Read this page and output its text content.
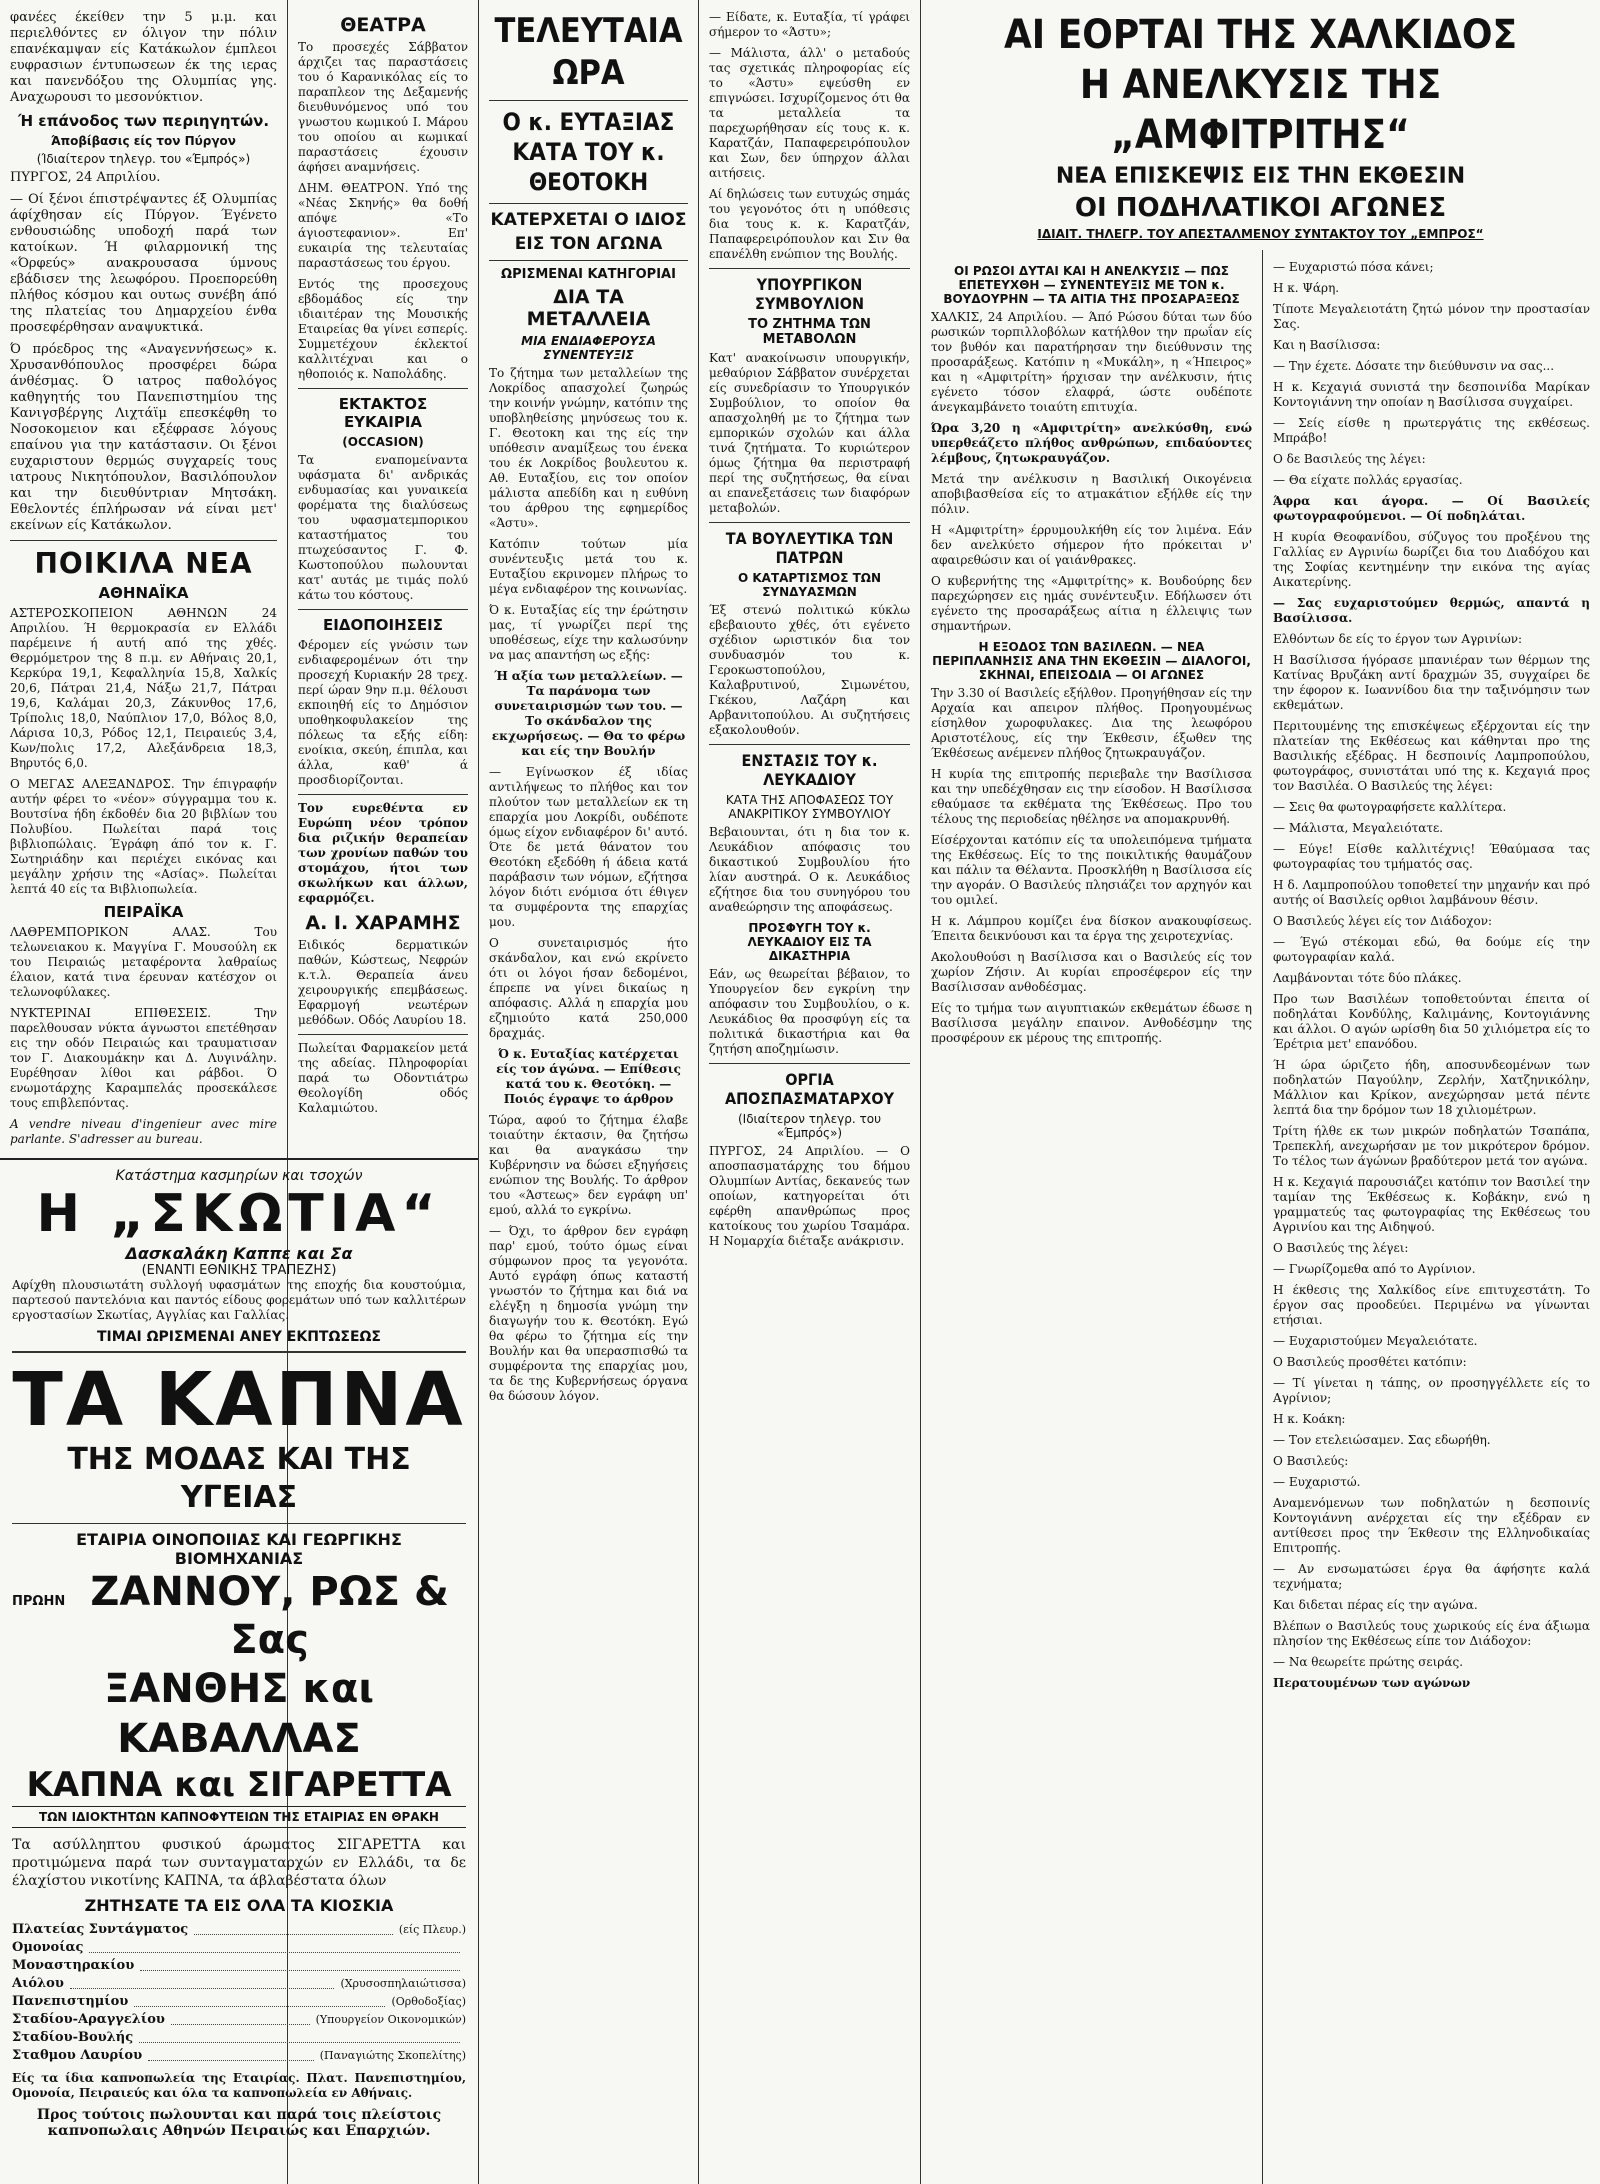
φανέες έκείθεν την 5 μ.μ. και περιελθόντες εν όλιγον την πόλιν επανέκαμψαν είς Κατάκωλον έμπλεοι ευφρασιων έντυπωσεων έκ της ιερας και πανενδόξου της Ολυμπίας γης. Αναχωρουσι το μεσονύκτιον.

Ή επάνοδος των περιηγητών.
Άποβίβασις είς τον Πύργον
(Ίδιαίτερον τηλεγρ. του «Έμπρός»)

ΠΥΡΓΟΣ, 24 Απριλίου.

— Οί ξένοι έπιστρέψαντες έξ Ολυμπίας άφίχθησαν είς Πύργον. Έγένετο ενθουσιώδης υποδοχή παρά των κατοίκων. Ή φιλαρμονική της «Όρφεύς» ανακρουσασα ύμνους εβάδισεν της λεωφόρου. Προεπορεύθη πλήθος κόσμου και ουτως συνέβη άπό της πλατείας του Δημαρχείου ένθα προσεφέρθησαν αναψυκτικά.

Ό πρόεδρος της «Αναγεννήσεως» κ. Χρυσανθόπουλος προσφέρει δώρα άνθέσμας. Ό ιατρος παθολόγος καθηγητής του Πανεπιστημίου της Κανιγσβέργης Λιχτάϊμ επεσκέφθη το Νοσοκομειον και εξέφρασε λόγους επαίνου για την κατάστασιν. Οι ξένοι ευχαριστουν θερμώς συγχαρείς τους ιατρους Νικητόπουλον, Βασιλόπουλον και την διευθύντριαν Μητσάκη. Εθελοντές έπλήρωσαν νά είναι μετ' εκείνων είς Κατάκωλον.

ΠΟΙΚΙΛΑ ΝΕΑ
ΑΘΗΝΑΪΚΑ

ΑΣΤΕΡΟΣΚΟΠΕΙΟΝ ΑΘΗΝΩΝ 24 Απριλίου. Ή θερμοκρασία εν Ελλάδι παρέμεινε ή αυτή από της χθές. Θερμόμετρον της 8 π.μ. εν Αθήναις 20,1, Κερκύρα 19,1, Κεφαλληνία 15,8, Χαλκίς 20,6, Πάτραι 21,4, Νάξω 21,7, Πάτραι 19,6, Καλάμαι 20,3, Ζάκυνθος 17,6, Τρίπολις 18,0, Ναύπλιον 17,0, Βόλος 8,0, Λάρισα 10,3, Ρόδος 12,1, Πειραιεύς 3,4, Κων/πολις 17,2, Αλεξάνδρεια 18,3, Βηρυτός 6,0.

Ο ΜΕΓΑΣ ΑΛΕΞΑΝΔΡΟΣ. Την έπιγραφήν αυτήν φέρει το «νέον» σύγγραμμα του κ. Βουτσίνα ήδη έκδοθέν δια 20 βιβλίων του Πολυβίου. Πωλείται παρά τοις βιβλιοπώλαις. Έγράφη άπό τον κ. Γ. Σωτηριάδην και περιέχει εικόνας και μεγάλην χρήσιν της «Ασίας». Πωλείται λεπτά 40 είς τα Βιβλιοπωλεία.

ΠΕΙΡΑΪΚΑ

ΛΑΘΡΕΜΠΟΡΙΚΟΝ ΑΛΑΣ. Του τελωνειακου κ. Μαγγίνα Γ. Μουσούλη εκ του Πειραιώς μεταφέροντα λαθραίως έλαιον, κατά τινα έρευναν κατέσχον οι τελωνοφύλακες.

ΝΥΚΤΕΡΙΝΑΙ ΕΠΙΘΕΣΕΙΣ. Την παρελθουσαν νύκτα άγνωστοι επετέθησαν εις την οδόν Πειραιώς και τραυματισαν τον Γ. Διακουμάκην και Δ. Λυγινάλην. Ευρέθησαν λίθοι και ράβδοι. Ό ενωμοτάρχης Καραμπελάς προσεκάλεσε τους επιβλεπόντας.

A vendre niveau d'ingenieur avec mire parlante. S'adresser au bureau.

ΘΕΑΤΡΑ

Το προσεχές Σάββατον άρχιζει τας παραστάσεις του ό Καρανικόλας είς το παραπλεον της Δεξαμενής διευθυνόμενος υπό του γνωστου κωμικού Ι. Μάρου του οποίου αι κωμικαί παραστάσεις έχουσιν άφήσει αναμνήσεις.

ΔΗΜ. ΘΕΑΤΡΟΝ. Υπό της «Νέας Σκηνής» θα δοθή απόψε «Το άγιοστεφανιον». Επ' ευκαιρία της τελευταίας παραστάσεως του έργου.

Εντός της προσεχους εβδομάδος είς την ιδιαιτέραν της Μουσικής Εταιρείας θα γίνει εσπερίς. Συμμετέχουν έκλεκτοί καλλιτέχναι και ο ηθοποιός κ. Ναπολάδης.

ΕΚΤΑΚΤΟΣ ΕΥΚΑΙΡΙΑ
(OCCASION)

Τα εναπομείναντα υφάσματα δι' ανδρικάς ενδυμασίας και γυναικεία φορέματα της διαλύσεως του υφασματεμπορικου καταστήματος του πτωχεύσαντος Γ. Φ. Κωστοπούλου πωλουνται κατ' αυτάς με τιμάς πολύ κάτω του κόστους.

ΕΙΔΟΠΟΙΗΣΕΙΣ

Φέρομεν είς γνώσιν των ενδιαφερομένων ότι την προσεχή Κυριακήν 28 τρεχ. περί ώραν 9ην π.μ. θέλουσι εκποιηθή είς το Δημόσιον υποθηκοφυλακείον της πόλεως τα εξής είδη: ενοίκια, σκεύη, έπιπλα, και άλλα, καθ' ά προσδιορίζονται.

Τον ευρεθέντα εν Ευρώπη νέον τρόπον δια ριζικήν θεραπείαν των χρονίων παθών του στομάχου, ήτοι των σκωλήκων και άλλων, εφαρμόζει.

Α. Ι. ΧΑΡΑΜΗΣ

Ειδικός δερματικών παθών, Κώστεως, Νεφρών κ.τ.λ. Θεραπεία άνευ χειρουργικής επεμβάσεως. Εφαρμογή νεωτέρων μεθόδων. Οδός Λαυρίου 18.

Πωλείται Φαρμακείον μετά της αδείας. Πληροφορίαι παρά τω Οδοντιάτρω Θεολογίδη οδός Καλαμιώτου.

Κατάστημα κασμηρίων και τσοχών
Η „ΣΚΩΤΙΑ“
Δασκαλάκη Καππε και Σα
(ΕΝΑΝΤΙ ΕΘΝΙΚΗΣ ΤΡΑΠΕΖΗΣ)

Αφίχθη πλουσιωτάτη συλλογή υφασμάτων της εποχής δια κουστούμια, παρτεσού παντελόνια και παντός είδους φορεμάτων υπό των καλλιτέρων εργοστασίων Σκωτίας, Αγγλίας και Γαλλίας.

ΤΙΜΑΙ ΩΡΙΣΜΕΝΑΙ ΑΝΕΥ ΕΚΠΤΩΣΕΩΣ
ΤΑ ΚΑΠΝΑ
ΤΗΣ ΜΟΔΑΣ ΚΑΙ ΤΗΣ ΥΓΕΙΑΣ
ΕΤΑΙΡΙΑ ΟΙΝΟΠΟΙΙΑΣ ΚΑΙ ΓΕΩΡΓΙΚΗΣ ΒΙΟΜΗΧΑΝΙΑΣ
ΠΡΩΗΝ ΖΑΝΝΟΥ, ΡΩΣ & Σας
ΞΑΝΘΗΣ και ΚΑΒΑΛΛΑΣ
ΚΑΠΝΑ και ΣΙΓΑΡΕΤΤΑ
ΤΩΝ ΙΔΙΟΚΤΗΤΩΝ ΚΑΠΝΟΦΥΤΕΙΩΝ ΤΗΣ ΕΤΑΙΡΙΑΣ ΕΝ ΘΡΑΚΗ

Τα ασύλληπτου φυσικού άρωματος ΣΙΓΑΡΕΤΤΑ και προτιμώμενα παρά των συνταγματαρχών εν Ελλάδι, τα δε έλαχίστου νικοτίνης ΚΑΠΝΑ, τα άβλαβέστατα όλων

ΖΗΤΗΣΑΤΕ ΤΑ ΕΙΣ ΟΛΑ ΤΑ ΚΙΟΣΚΙΑ
Πλατείας Συντάγματος	(είς Πλευρ.)
Ομονοίας
Μοναστηρακίου
Αιόλου	(Χρυσοσπηλαιώτισσα)
Πανεπιστημίου	(Ορθοδοξίας)
Σταδίου-Αραγγελίου	(Υπουργείον Οικονομικών)
Σταδίου-Βουλής
Σταθμου Λαυρίου	(Παναγιώτης Σκοπελίτης)

Είς τα ίδια καπνοπωλεία της Εταιρίας. Πλατ. Πανεπιστημίου, Ομονοία, Πειραιεύς και όλα τα καπνοπωλεία εν Αθήναις.

Προς τούτοις πωλουνται και παρά τοις πλείστοις καπνοπωλαις Αθηνών Πειραιώς και Επαρχιών.

ΤΕΛΕΥΤΑΙΑ ΩΡΑ
Ο κ. ΕΥΤΑΞΙΑΣ
ΚΑΤΑ ΤΟΥ κ. ΘΕΟΤΟΚΗ
ΚΑΤΕΡΧΕΤΑΙ Ο ΙΔΙΟΣ
ΕΙΣ ΤΟΝ ΑΓΩΝΑ
ΩΡΙΣΜΕΝΑΙ ΚΑΤΗΓΟΡΙΑΙ
ΔΙΑ ΤΑ ΜΕΤΑΛΛΕΙΑ
ΜΙΑ ΕΝΔΙΑΦΕΡΟΥΣΑ ΣΥΝΕΝΤΕΥΞΙΣ

Το ζήτημα των μεταλλείων της Λοκρίδος απασχολεί ζωηρώς την κοινήν γνώμην, κατόπιν της υποβληθείσης μηνύσεως του κ. Γ. Θεοτοκη και της είς την υπόθεσιν αναμίξεως του ένεκα του έκ Λοκρίδος βουλευτου κ. Αθ. Ευταξίου, εις τον οποίον μάλιστα απεδίδη και η ευθύνη του άρθρου της εφημερίδος «Άστυ».

Κατόπιν τούτων μία συνέντευξις μετά του κ. Ευταξίου εκρινομεν πλήρως το μέγα ενδιαφέρον της κοινωνίας.

Ό κ. Ευταξίας είς την έρώτησιν μας, τί γνωρίζει περί της υποθέσεως, είχε την καλωσύνην να μας απαντήση ως εξής:

Ή αξία των μεταλλείων. — Τα παράνομα των συνεταιρισμών των του. — Το σκάνδαλον της εκχωρήσεως. — Θα το φέρω και είς την Βουλήν

— Εγίνωσκον έξ ιδίας αντιλήψεως το πλήθος και τον πλούτον των μεταλλείων εκ τη επαρχία μου Λοκρίδι, ουδέποτε όμως είχον ενδιαφέρον δι' αυτό. Ότε δε μετά θάνατον του Θεοτόκη εξεδόθη ή άδεια κατά παράβασιν των νόμων, εζήτησα λόγον διότι ενόμισα ότι έθιγεν τα συμφέροντα της επαρχίας μου.

Ο συνεταιρισμός ήτο σκάνδαλον, και ενώ εκρίνετο ότι οι λόγοι ήσαν δεδομένοι, έπρεπε να γίνει δικαίως η απόφασις. Αλλά η επαρχία μου εζημιούτο κατά 250,000 δραχμάς.

Ό κ. Ευταξίας κατέρχεται είς τον άγώνα. — Επίθεσις κατά του κ. Θεοτόκη. — Ποιός έγραψε το άρθρον

Τώρα, αφού το ζήτημα έλαβε τοιαύτην έκτασιν, θα ζητήσω και θα αναγκάσω την Κυβέρνησιν να δώσει εξηγήσεις ενώπιον της Βουλής. Το άρθρον του «Άστεως» δεν εγράφη υπ' εμού, αλλά το εγκρίνω.

— Όχι, το άρθρον δεν εγράφη παρ' εμού, τούτο όμως είναι σύμφωνον προς τα γεγονότα. Αυτό εγράφη όπως καταστή γνωστόν το ζήτημα και διά να ελέγξη η δημοσία γνώμη την διαγωγήν του κ. Θεοτόκη. Εγώ θα φέρω το ζήτημα είς την Βουλήν και θα υπερασπισθώ τα συμφέροντα της επαρχίας μου, τα δε της Κυβερνήσεως όργανα θα δώσουν λόγον.

— Είδατε, κ. Ευταξία, τί γράφει σήμερον το «Άστυ»;

— Μάλιστα, άλλ' ο μεταδούς τας σχετικάς πληροφορίας είς το «Άστυ» εψεύσθη εν επιγνώσει. Ισχυρίζομενος ότι θα τα μεταλλεία τα παρεχωρήθησαν είς τους κ. κ. Καρατζάν, Παπαφερειρόπουλον και Σων, δεν ύπηρχον άλλαι αιτήσεις.

Αί δηλώσεις των ευτυχώς σημάς του γεγονότος ότι η υπόθεσις δια τους κ. κ. Καρατζάν, Παπαφερειρόπουλον και Σιν θα επανέλθη ενώπιον της Βουλής.

ΥΠΟΥΡΓΙΚΟΝ ΣΥΜΒΟΥΛΙΟΝ
ΤΟ ΖΗΤΗΜΑ ΤΩΝ ΜΕΤΑΒΟΛΩΝ

Κατ' ανακοίνωσιν υπουργικήν, μεθαύριον Σάββατον συνέρχεται είς συνεδρίασιν το Υπουργικόν Συμβούλιον, το οποίον θα απασχοληθή με το ζήτημα των εμπορικών σχολών και άλλα τινά ζητήματα. Το κυριώτερον όμως ζήτημα θα περιστραφή περί της συζητήσεως, θα είναι αι επανεξετάσεις των διαφόρων μεταβολών.

ΤΑ ΒΟΥΛΕΥΤΙΚΑ ΤΩΝ ΠΑΤΡΩΝ
Ο ΚΑΤΑΡΤΙΣΜΟΣ ΤΩΝ ΣΥΝΔΥΑΣΜΩΝ

Έξ στενώ πολιτικώ κύκλω εβεβαιουτο χθές, ότι εγένετο σχέδιον ωριστικόν δια τον συνδυασμόν του κ. Γεροκωστοπούλου, Καλαβρυτινού, Σιμωνέτου, Γκέκου, Λαζάρη και Αρβανιτοπούλου. Αι συζητήσεις εξακολουθούν.

ΕΝΣΤΑΣΙΣ ΤΟΥ κ. ΛΕΥΚΑΔΙΟΥ
ΚΑΤΑ ΤΗΣ ΑΠΟΦΑΣΕΩΣ ΤΟΥ ΑΝΑΚΡΙΤΙΚΟΥ ΣΥΜΒΟΥΛΙΟΥ

Βεβαιουνται, ότι η δια τον κ. Λευκάδιον απόφασις του δικαστικού Συμβουλίου ήτο λίαν αυστηρά. Ο κ. Λευκάδιος εζήτησε δια του συνηγόρου του αναθεώρησιν της αποφάσεως.

ΠΡΟΣΦΥΓΗ ΤΟΥ κ. ΛΕΥΚΑΔΙΟΥ ΕΙΣ ΤΑ ΔΙΚΑΣΤΗΡΙΑ

Εάν, ως θεωρείται βέβαιον, το Υπουργείον δεν εγκρίνη την απόφασιν του Συμβουλίου, ο κ. Λευκάδιος θα προσφύγη είς τα πολιτικά δικαστήρια και θα ζητήση αποζημίωσιν.

ΟΡΓΙΑ ΑΠΟΣΠΑΣΜΑΤΑΡΧΟΥ
(Ιδιαίτερον τηλεγρ. του «Έμπρός»)

ΠΥΡΓΟΣ, 24 Απριλίου. — Ο αποσπασματάρχης του δήμου Ολυμπίων Αντίας, δεκανεύς των οποίων, κατηγορείται ότι εφέρθη απανθρώπως προς κατοίκους του χωρίου Τσαμάρα. Η Νομαρχία διέταξε ανάκρισιν.

ΑΙ ΕΟΡΤΑΙ ΤΗΣ ΧΑΛΚΙΔΟΣ
Η ΑΝΕΛΚΥΣΙΣ ΤΗΣ „ΑΜΦΙΤΡΙΤΗΣ“
ΝΕΑ ΕΠΙΣΚΕΨΙΣ ΕΙΣ ΤΗΝ ΕΚΘΕΣΙΝ
ΟΙ ΠΟΔΗΛΑΤΙΚΟΙ ΑΓΩΝΕΣ
ΙΔΙΑΙΤ. ΤΗΛΕΓΡ. ΤΟΥ ΑΠΕΣΤΑΛΜΕΝΟΥ ΣΥΝΤΑΚΤΟΥ ΤΟΥ „ΕΜΠΡΟΣ“
ΟΙ ΡΩΣΟΙ ΔΥΤΑΙ ΚΑΙ Η ΑΝΕΛΚΥΣΙΣ — ΠΩΣ ΕΠΕΤΕΥΧΘΗ — ΣΥΝΕΝΤΕΥΞΙΣ ΜΕ ΤΟΝ κ. ΒΟΥΔΟΥΡΗΝ — ΤΑ ΑΙΤΙΑ ΤΗΣ ΠΡΟΣΑΡΑΞΕΩΣ

ΧΑΛΚΙΣ, 24 Απριλίου. — Άπό Ρώσου δύται των δύο ρωσικών τορπιλλοβόλων κατήλθον την πρωΐαν είς τον βυθόν και παρατήρησαν την διεύθυνσιν της προσαράξεως. Κατόπιν η «Μυκάλη», η «Ήπειρος» και η «Αμφιτρίτη» ήρχισαν την ανέλκυσιν, ήτις εγένετο τόσον ελαφρά, ώστε ουδέποτε άνεγκαμβάνετο τοιαύτη επιτυχία.

Ώρα 3,20 η «Αμφιτρίτη» ανελκύσθη, ενώ υπερθεάζετο πλήθος ανθρώπων, επιδαύοντες λέμβους, ζητωκραυγάζον.

Μετά την ανέλκυσιν η Βασιλική Οικογένεια αποβιβασθείσα είς το ατμακάτιον εξήλθε είς την πόλιν.

Η «Αμφιτρίτη» έρρυμουλκήθη είς τον λιμένα. Εάν δεν ανελκύετο σήμερον ήτο πρόκειται ν' αφαιρεθώσιν και οί γαιάνθρακες.

Ο κυβερνήτης της «Αμφιτρίτης» κ. Βουδούρης δεν παρεχώρησεν εις ημάς συνέντευξιν. Εδήλωσεν ότι εγένετο της προσαράξεως αίτια η έλλειψις των σημαντήρων.

Η ΕΞΟΔΟΣ ΤΩΝ ΒΑΣΙΛΕΩΝ. — ΝΕΑ ΠΕΡΙΠΛΑΝΗΣΙΣ ΑΝΑ ΤΗΝ ΕΚΘΕΣΙΝ — ΔΙΑΛΟΓΟΙ, ΣΚΗΝΑΙ, ΕΠΕΙΣΟΔΙΑ — ΟΙ ΑΓΩΝΕΣ

Την 3.30 οί Βασιλείς εξήλθον. Προηγήθησαν είς την Αρχαία και απειρον πλήθος. Προηγουμένως είσηλθον χωροφυλακες. Δια της λεωφόρου Αριστοτέλους, είς την Έκθεσιν, έξωθεν της Έκθέσεως ανέμενεν πλήθος ζητωκραυγάζον.

Η κυρία της επιτροπής περιεβαλε την Βασίλισσα και την υπεδέχθησαν εις την είσοδον. Η Βασίλισσα εθαύμασε τα εκθέματα της Έκθέσεως. Προ του τέλους της περιοδείας ηθέλησε να απομακρυνθή.

Είσέρχονται κατόπιν είς τα υπολειπόμενα τμήματα της Εκθέσεως. Είς το της ποικιλτικής θαυμάζουν και πάλιν τα Θέλαντα. Προσκλήθη η Βασίλισσα είς την αγοράν. Ο Βασιλεύς πλησιάζει τον αρχηγόν και του ομιλεί.

Η κ. Λάμπρου κομίζει ένα δίσκον ανακουφίσεως. Έπειτα δεικνύουσι και τα έργα της χειροτεχνίας.

Ακολουθούσι η Βασίλισσα και ο Βασιλεύς είς τον χωρίον Ζήσιν. Αι κυρίαι επροσέφερον είς την Βασίλισσαν ανθοδέσμας.

Είς το τμήμα των αιγυπτιακών εκθεμάτων έδωσε η Βασίλισσα μεγάλην επαινον. Ανθοδέσμην της προσφέρουν εκ μέρους της επιτροπής.

— Ευχαριστώ πόσα κάνει;

Η κ. Ψάρη.

Τίποτε Μεγαλειοτάτη ζητώ μόνον την προστασίαν Σας.

Και η Βασίλισσα:

— Την έχετε. Δόσατε την διεύθυνσιν να σας...

Η κ. Κεχαγιά συνιστά την δεσποινίδα Μαρίκαν Κοντογιάννη την οποίαν η Βασίλισσα συγχαίρει.

— Σείς είσθε η πρωτεργάτις της εκθέσεως. Μπράβο!

Ο δε Βασιλεύς της λέγει:

— Θα είχατε πολλάς εργασίας.

Άφρα και άγορα. — Οί Βασιλείς φωτογραφούμενοι. — Οί ποδηλάται.

Η κυρία Θεοφανίδου, σύζυγος του προξένου της Γαλλίας εν Αγρινίω δωρίζει δια του Διαδόχου και της Σοφίας κεντημένην την εικόνα της αγίας Αικατερίνης.

— Σας ευχαριστούμεν θερμώς, απαντά η Βασίλισσα.

Ελθόντων δε είς το έργον των Αγρινίων:

Η Βασίλισσα ήγόρασε μπανιέραν των θέρμων της Κατίνας Βρυζάκη αντί δραχμών 35, συγχαίρει δε την έφορον κ. Ιωαννίδου δια την ταξινόμησιν των εκθεμάτων.

Περιτουμένης της επισκέψεως εξέρχονται είς την πλατείαν της Εκθέσεως και κάθηνται προ της Βασιλικής εξέδρας. Η δεσποινίς Λαμπροπούλου, φωτογράφος, συνιστάται υπό της κ. Κεχαγιά προς τον Βασιλέα. Ο Βασιλεύς της λέγει:

— Σεις θα φωτογραφήσετε καλλίτερα.

— Μάλιστα, Μεγαλειότατε.

— Εύγε! Είσθε καλλιτέχνις! Έθαύμασα τας φωτογραφίας του τμήματός σας.

Η δ. Λαμπροπούλου τοποθετεί την μηχανήν και πρό αυτής οί Βασιλείς ορθιοι λαμβάνουν θέσιν.

Ο Βασιλεύς λέγει είς τον Διάδοχον:

— Έγώ στέκομαι εδώ, θα δούμε είς την φωτογραφίαν καλά.

Λαμβάνονται τότε δύο πλάκες.

Προ των Βασιλέων τοποθετούνται έπειτα οί ποδηλάται Κονδύλης, Καλιμάνης, Κοντογιάννης και άλλοι. Ο αγών ωρίσθη δια 50 χιλιόμετρα είς το Έρέτρια μετ' επανόδου.

Ή ώρα ώριζετο ήδη, αποσυνδεομένων των ποδηλατών Παγούλην, Ζερλήν, Χατζηνικόλην, Μάλλιον και Κρίκον, ανεχώρησαν μετά πέντε λεπτά δια την δρόμον των 18 χιλιομέτρων.

Τρίτη ήλθε εκ των μικρών ποδηλατών Τσαπάπα, Τρεπεκλή, ανεχωρήσαν με τον μικρότερον δρόμον. Το τέλος των άγώνων βραδύτερον μετά τον αγώνα.

Η κ. Κεχαγιά παρουσιάζει κατόπιν τον Βασιλεί την ταμίαν της Έκθέσεως κ. Κοβάκην, ενώ η γραμματεύς τας φωτογραφίας της Εκθέσεως του Αγρινίου και της Αιδηψού.

Ο Βασιλεύς της λέγει:

— Γνωρίζομεθα από το Αγρίνιον.

Η έκθεσις της Χαλκίδος είνε επιτυχεστάτη. Το έργον σας προοδεύει. Περιμένω να γίνωνται ετήσιαι.

— Ευχαριστούμεν Μεγαλειότατε.

Ο Βασιλεύς προσθέτει κατόπιν:

— Τί γίνεται η τάπης, ον προσηγγέλλετε είς το Αγρίνιον;

Η κ. Κοάκη:

— Τον ετελειώσαμεν. Σας εδωρήθη.

Ο Βασιλεύς:

— Ευχαριστώ.

Αναμενόμενων των ποδηλατών η δεσποινίς Κοντογιάννη ανέρχεται είς την εξέδραν εν αντίθεσει προς την Έκθεσιν της Ελληνοδικαίας Επιτροπής.

— Αν ενσωματώσει έργα θα άφήσητε καλά τεχνήματα;

Και διδεται πέρας είς την αγώνα.

Βλέπων ο Βασιλεύς τους χωρικούς είς ένα άξιωμα πλησίον της Εκθέσεως είπε τον Διάδοχον:

— Να θεωρείτε πρώτης σειράς.

Περατουμένων των αγώνων
